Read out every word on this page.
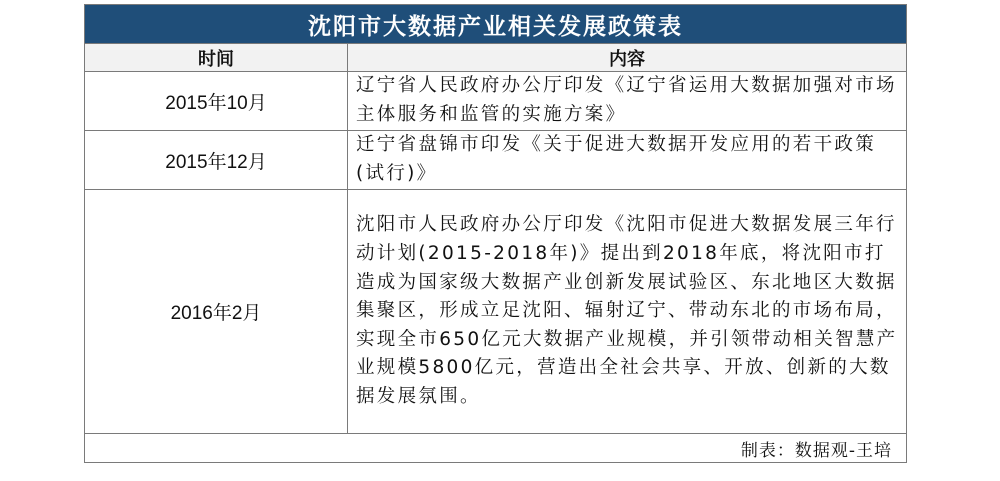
沈阳市大数据产业相关发展政策表	
时间	内容
2015年10月	辽宁省人民政府办公厅印发《辽宁省运用大数据加强对市场主体服务和监管的实施方案》
2015年12月	迁宁省盘锦市印发《关于促进大数据开发应用的若干政策(试行)》
2016年2月	沈阳市人民政府办公厅印发《沈阳市促进大数据发展三年行动计划(2015-2018年)》提出到2018年底，将沈阳市打造成为国家级大数据产业创新发展试验区、东北地区大数据集聚区，形成立足沈阳、辐射辽宁、带动东北的市场布局，实现全市650亿元大数据产业规模，并引领带动相关智慧产业规模5800亿元，营造出全社会共享、开放、创新的大数据发展氛围。
制表：数据观-王培	
